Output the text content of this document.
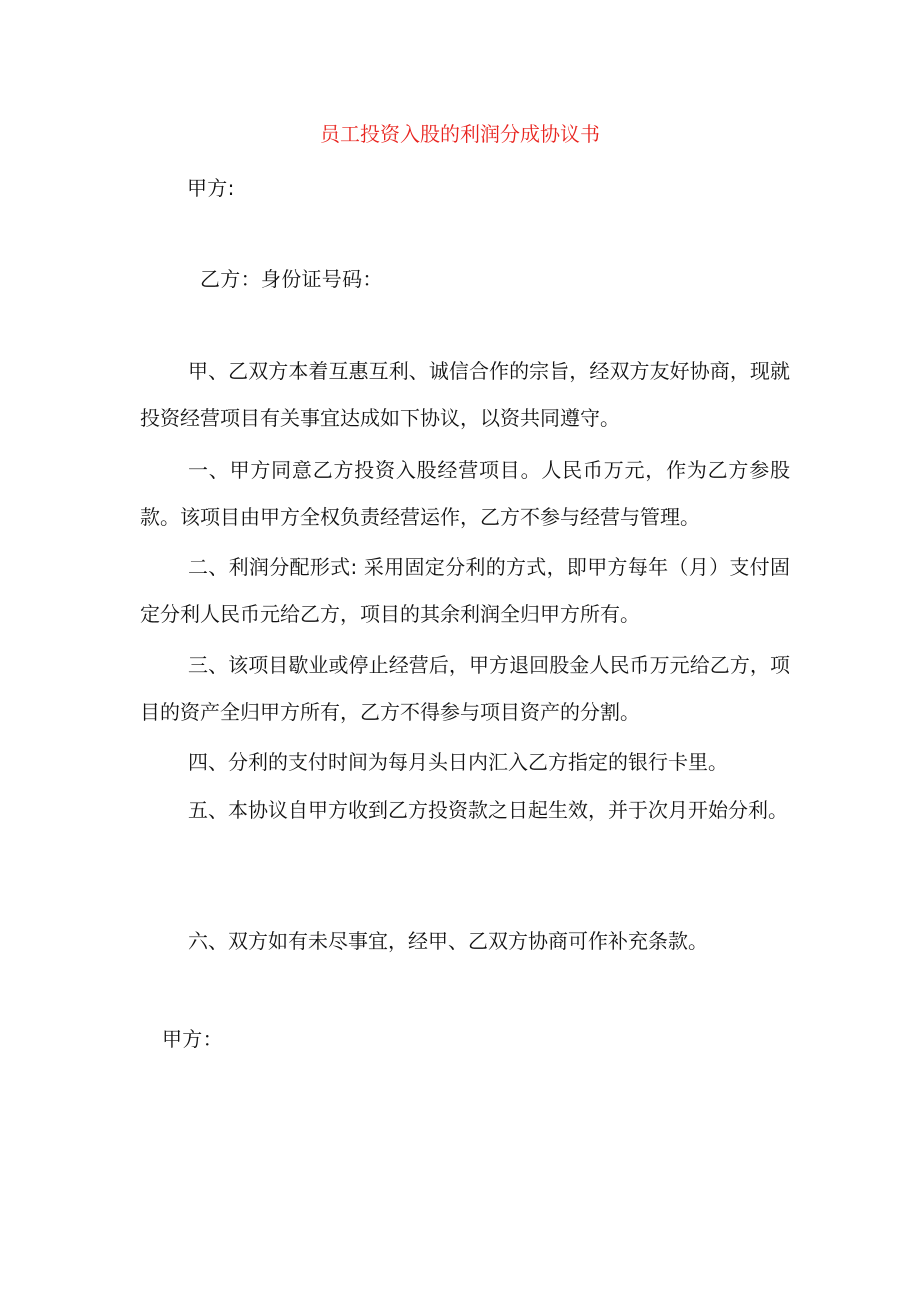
员工投资入股的利润分成协议书
甲方:
乙方：身份证号码：
甲、乙双方本着互惠互利、诚信合作的宗旨，经双方友好协商，现就投资经营项目有关事宜达成如下协议，以资共同遵守。
一、甲方同意乙方投资入股经营项目。人民币万元，作为乙方参股款。该项目由甲方全权负责经营运作，乙方不参与经营与管理。
二、利润分配形式: 采用固定分利的方式，即甲方每年（月）支付固定分利人民币元给乙方，项目的其余利润全归甲方所有。
三、该项目歇业或停止经营后，甲方退回股金人民币万元给乙方，项目的资产全归甲方所有，乙方不得参与项目资产的分割。
四、分利的支付时间为每月头日内汇入乙方指定的银行卡里。
五、本协议自甲方收到乙方投资款之日起生效，并于次月开始分利。
六、双方如有未尽事宜，经甲、乙双方协商可作补充条款。
甲方：
